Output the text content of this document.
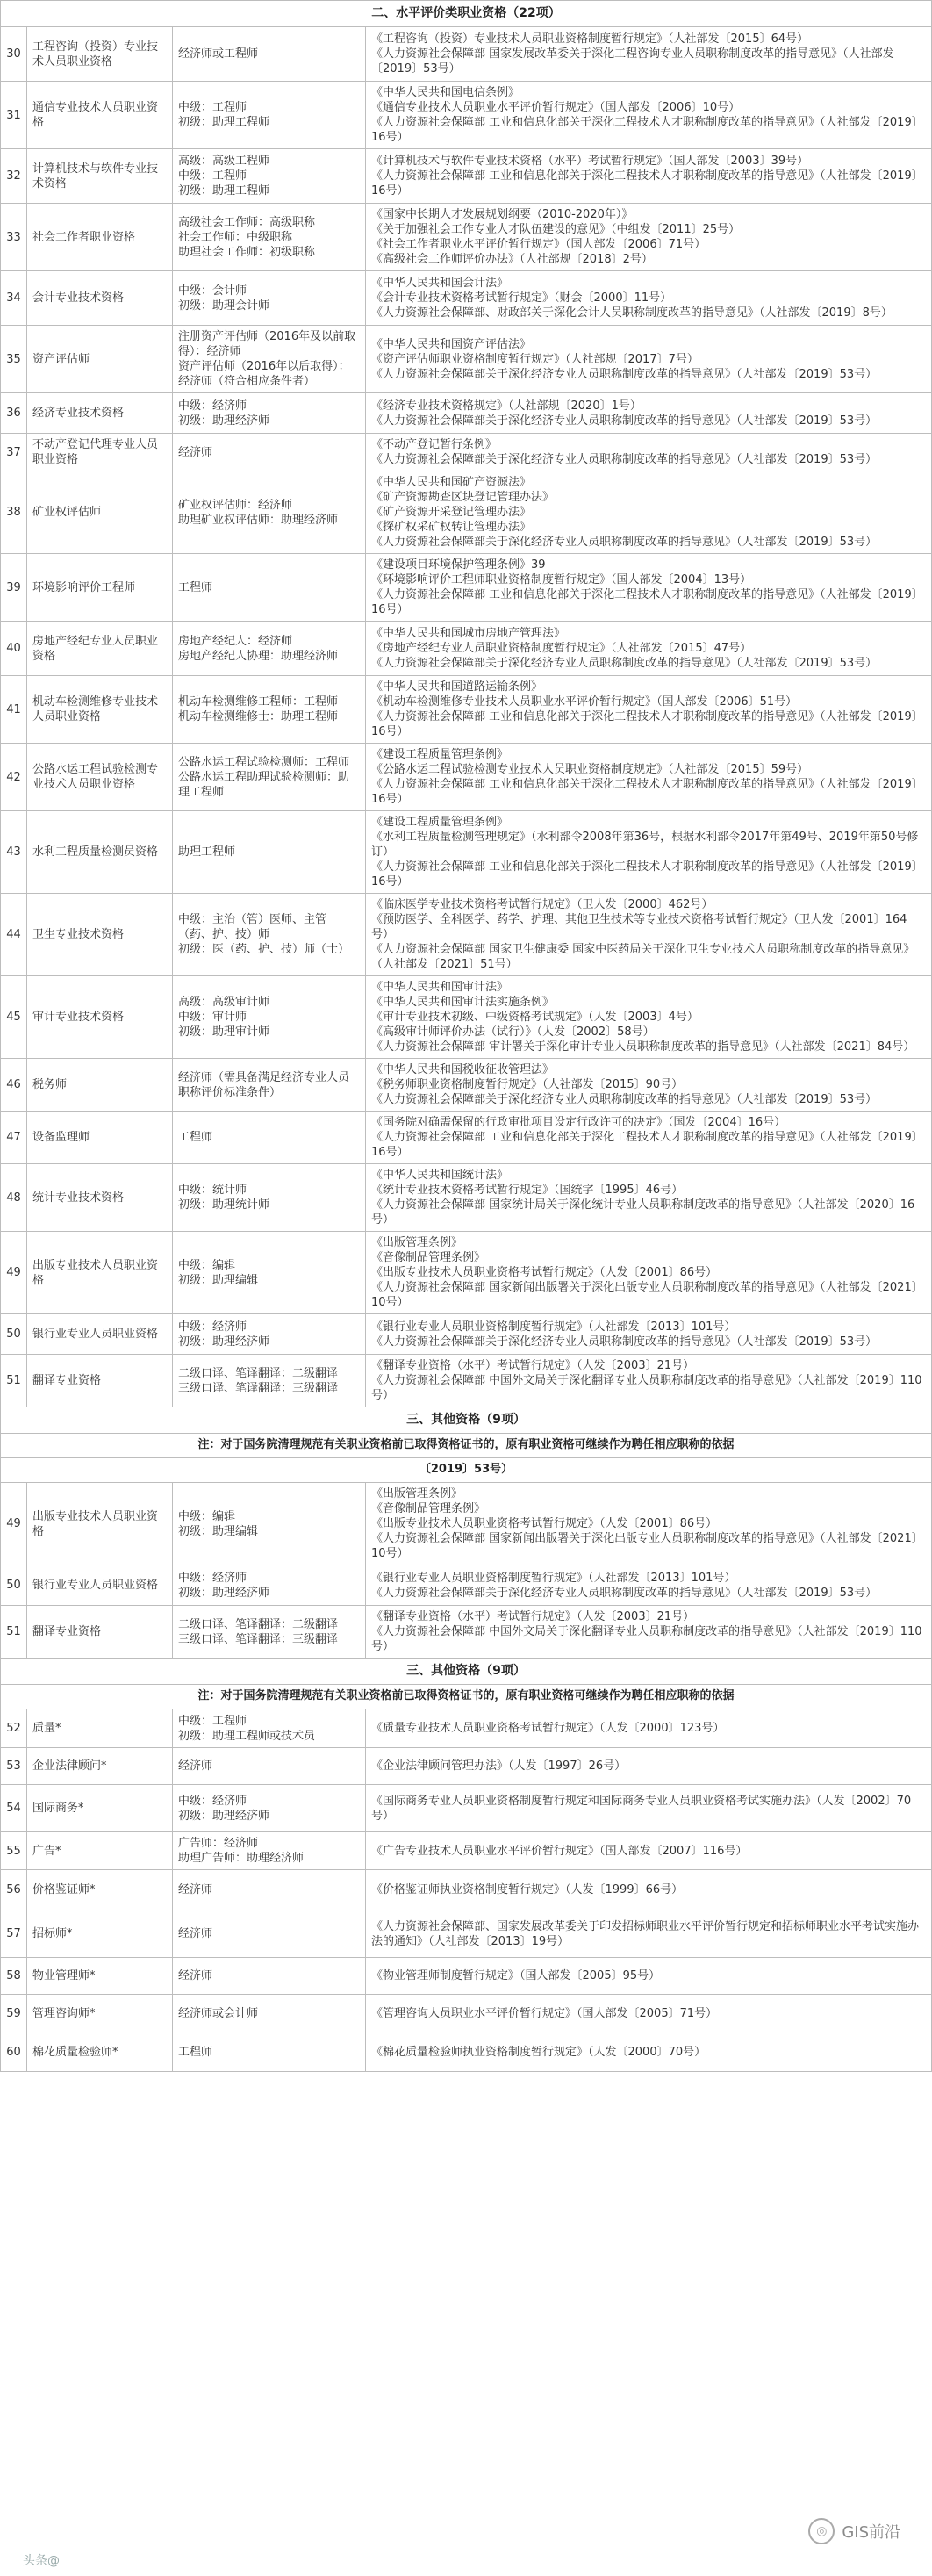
二、水平评价类职业资格（22项）			
30	工程咨询（投资）专业技术人员职业资格	经济师或工程师	《工程咨询（投资）专业技术人员职业资格制度暂行规定》（人社部发〔2015〕64号）
《人力资源社会保障部 国家发展改革委关于深化工程咨询专业人员职称制度改革的指导意见》（人社部发〔2019〕53号）
31	通信专业技术人员职业资格	中级：工程师
初级：助理工程师	《中华人民共和国电信条例》
《通信专业技术人员职业水平评价暂行规定》（国人部发〔2006〕10号）
《人力资源社会保障部 工业和信息化部关于深化工程技术人才职称制度改革的指导意见》（人社部发〔2019〕16号）
32	计算机技术与软件专业技术资格	高级：高级工程师
中级：工程师
初级：助理工程师	《计算机技术与软件专业技术资格（水平）考试暂行规定》（国人部发〔2003〕39号）
《人力资源社会保障部 工业和信息化部关于深化工程技术人才职称制度改革的指导意见》（人社部发〔2019〕16号）
33	社会工作者职业资格	高级社会工作师：高级职称
社会工作师：中级职称
助理社会工作师：初级职称	《国家中长期人才发展规划纲要（2010-2020年）》
《关于加强社会工作专业人才队伍建设的意见》（中组发〔2011〕25号）
《社会工作者职业水平评价暂行规定》（国人部发〔2006〕71号）
《高级社会工作师评价办法》（人社部规〔2018〕2号）
34	会计专业技术资格	中级：会计师
初级：助理会计师	《中华人民共和国会计法》
《会计专业技术资格考试暂行规定》（财会〔2000〕11号）
《人力资源社会保障部、财政部关于深化会计人员职称制度改革的指导意见》（人社部发〔2019〕8号）
35	资产评估师	注册资产评估师（2016年及以前取得）：经济师
资产评估师（2016年以后取得）：经济师（符合相应条件者）	《中华人民共和国资产评估法》
《资产评估师职业资格制度暂行规定》（人社部规〔2017〕7号）
《人力资源社会保障部关于深化经济专业人员职称制度改革的指导意见》（人社部发〔2019〕53号）
36	经济专业技术资格	中级：经济师
初级：助理经济师	《经济专业技术资格规定》（人社部规〔2020〕1号）
《人力资源社会保障部关于深化经济专业人员职称制度改革的指导意见》（人社部发〔2019〕53号）
37	不动产登记代理专业人员职业资格	经济师	《不动产登记暂行条例》
《人力资源社会保障部关于深化经济专业人员职称制度改革的指导意见》（人社部发〔2019〕53号）
38	矿业权评估师	矿业权评估师：经济师
助理矿业权评估师：助理经济师	《中华人民共和国矿产资源法》
《矿产资源勘查区块登记管理办法》
《矿产资源开采登记管理办法》
《探矿权采矿权转让管理办法》
《人力资源社会保障部关于深化经济专业人员职称制度改革的指导意见》（人社部发〔2019〕53号）
39	环境影响评价工程师	工程师	《建设项目环境保护管理条例》39
《环境影响评价工程师职业资格制度暂行规定》（国人部发〔2004〕13号）
《人力资源社会保障部 工业和信息化部关于深化工程技术人才职称制度改革的指导意见》（人社部发〔2019〕16号）
40	房地产经纪专业人员职业资格	房地产经纪人：经济师
房地产经纪人协理：助理经济师	《中华人民共和国城市房地产管理法》
《房地产经纪专业人员职业资格制度暂行规定》（人社部发〔2015〕47号）
《人力资源社会保障部关于深化经济专业人员职称制度改革的指导意见》（人社部发〔2019〕53号）
41	机动车检测维修专业技术人员职业资格	机动车检测维修工程师：工程师
机动车检测维修士：助理工程师	《中华人民共和国道路运输条例》
《机动车检测维修专业技术人员职业水平评价暂行规定》（国人部发〔2006〕51号）
《人力资源社会保障部 工业和信息化部关于深化工程技术人才职称制度改革的指导意见》（人社部发〔2019〕16号）
42	公路水运工程试验检测专业技术人员职业资格	公路水运工程试验检测师：工程师
公路水运工程助理试验检测师：助理工程师	《建设工程质量管理条例》
《公路水运工程试验检测专业技术人员职业资格制度规定》（人社部发〔2015〕59号）
《人力资源社会保障部 工业和信息化部关于深化工程技术人才职称制度改革的指导意见》（人社部发〔2019〕16号）
43	水利工程质量检测员资格	助理工程师	《建设工程质量管理条例》
《水利工程质量检测管理规定》（水利部令2008年第36号，根据水利部令2017年第49号、2019年第50号修订）
《人力资源社会保障部 工业和信息化部关于深化工程技术人才职称制度改革的指导意见》（人社部发〔2019〕16号）
44	卫生专业技术资格	中级：主治（管）医师、主管（药、护、技）师
初级：医（药、护、技）师（士）	《临床医学专业技术资格考试暂行规定》（卫人发〔2000〕462号）
《预防医学、全科医学、药学、护理、其他卫生技术等专业技术资格考试暂行规定》（卫人发〔2001〕164号）
《人力资源社会保障部 国家卫生健康委 国家中医药局关于深化卫生专业技术人员职称制度改革的指导意见》（人社部发〔2021〕51号）
45	审计专业技术资格	高级：高级审计师
中级：审计师
初级：助理审计师	《中华人民共和国审计法》
《中华人民共和国审计法实施条例》
《审计专业技术初级、中级资格考试规定》（人发〔2003〕4号）
《高级审计师评价办法（试行）》（人发〔2002〕58号）
《人力资源社会保障部 审计署关于深化审计专业人员职称制度改革的指导意见》（人社部发〔2021〕84号）
46	税务师	经济师（需具备满足经济专业人员职称评价标准条件）	《中华人民共和国税收征收管理法》
《税务师职业资格制度暂行规定》（人社部发〔2015〕90号）
《人力资源社会保障部关于深化经济专业人员职称制度改革的指导意见》（人社部发〔2019〕53号）
47	设备监理师	工程师	《国务院对确需保留的行政审批项目设定行政许可的决定》（国发〔2004〕16号）
《人力资源社会保障部 工业和信息化部关于深化工程技术人才职称制度改革的指导意见》（人社部发〔2019〕16号）
48	统计专业技术资格	中级：统计师
初级：助理统计师	《中华人民共和国统计法》
《统计专业技术资格考试暂行规定》（国统字〔1995〕46号）
《人力资源社会保障部 国家统计局关于深化统计专业人员职称制度改革的指导意见》（人社部发〔2020〕16号）
49	出版专业技术人员职业资格	中级：编辑
初级：助理编辑	《出版管理条例》
《音像制品管理条例》
《出版专业技术人员职业资格考试暂行规定》（人发〔2001〕86号）
《人力资源社会保障部 国家新闻出版署关于深化出版专业人员职称制度改革的指导意见》（人社部发〔2021〕10号）
50	银行业专业人员职业资格	中级：经济师
初级：助理经济师	《银行业专业人员职业资格制度暂行规定》（人社部发〔2013〕101号）
《人力资源社会保障部关于深化经济专业人员职称制度改革的指导意见》（人社部发〔2019〕53号）
51	翻译专业资格	二级口译、笔译翻译：二级翻译
三级口译、笔译翻译：三级翻译	《翻译专业资格（水平）考试暂行规定》（人发〔2003〕21号）
《人力资源社会保障部 中国外文局关于深化翻译专业人员职称制度改革的指导意见》（人社部发〔2019〕110号）
三、其他资格（9项）			
注：对于国务院清理规范有关职业资格前已取得资格证书的，原有职业资格可继续作为聘任相应职称的依据			
〔2019〕53号）			
49	出版专业技术人员职业资格	中级：编辑
初级：助理编辑	《出版管理条例》
《音像制品管理条例》
《出版专业技术人员职业资格考试暂行规定》（人发〔2001〕86号）
《人力资源社会保障部 国家新闻出版署关于深化出版专业人员职称制度改革的指导意见》（人社部发〔2021〕10号）
50	银行业专业人员职业资格	中级：经济师
初级：助理经济师	《银行业专业人员职业资格制度暂行规定》（人社部发〔2013〕101号）
《人力资源社会保障部关于深化经济专业人员职称制度改革的指导意见》（人社部发〔2019〕53号）
51	翻译专业资格	二级口译、笔译翻译：二级翻译
三级口译、笔译翻译：三级翻译	《翻译专业资格（水平）考试暂行规定》（人发〔2003〕21号）
《人力资源社会保障部 中国外文局关于深化翻译专业人员职称制度改革的指导意见》（人社部发〔2019〕110号）
三、其他资格（9项）			
注：对于国务院清理规范有关职业资格前已取得资格证书的，原有职业资格可继续作为聘任相应职称的依据			
52	质量*	中级：工程师
初级：助理工程师或技术员	《质量专业技术人员职业资格考试暂行规定》（人发〔2000〕123号）
53	企业法律顾问*	经济师	《企业法律顾问管理办法》（人发〔1997〕26号）
54	国际商务*	中级：经济师
初级：助理经济师	《国际商务专业人员职业资格制度暂行规定和国际商务专业人员职业资格考试实施办法》（人发〔2002〕70号）
55	广告*	广告师：经济师
助理广告师：助理经济师	《广告专业技术人员职业水平评价暂行规定》（国人部发〔2007〕116号）
56	价格鉴证师*	经济师	《价格鉴证师执业资格制度暂行规定》（人发〔1999〕66号）
57	招标师*	经济师	《人力资源社会保障部、国家发展改革委关于印发招标师职业水平评价暂行规定和招标师职业水平考试实施办法的通知》（人社部发〔2013〕19号）
58	物业管理师*	经济师	《物业管理师制度暂行规定》（国人部发〔2005〕95号）
59	管理咨询师*	经济师或会计师	《管理咨询人员职业水平评价暂行规定》（国人部发〔2005〕71号）
60	棉花质量检验师*	工程师	《棉花质量检验师执业资格制度暂行规定》（人发〔2000〕70号）
◎ GIS前沿
头条@
